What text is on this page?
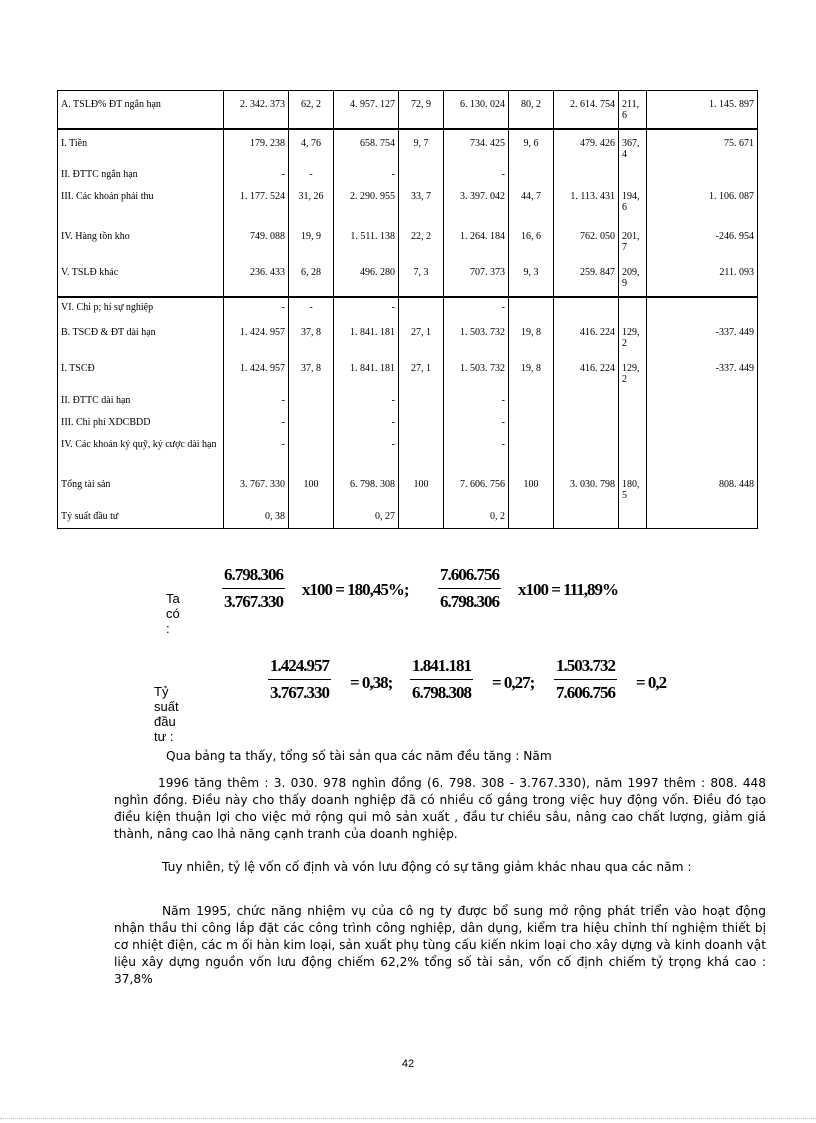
A. TSLĐ% ĐT ngắn hạn	2. 342. 373	62, 2	4. 957. 127	72, 9	6. 130. 024	80, 2	2. 614. 754	211, 6	1. 145. 897
I. Tiền	179. 238	4, 76	658. 754	9, 7	734. 425	9, 6	479. 426	367, 4	75. 671
II. ĐTTC ngắn hạn	-	-	-		-				
III. Các khoản phải thu	1. 177. 524	31, 26	2. 290. 955	33, 7	3. 397. 042	44, 7	1. 113. 431	194, 6	1. 106. 087
IV. Hàng tồn kho	749. 088	19, 9	1. 511. 138	22, 2	1. 264. 184	16, 6	762. 050	201, 7	-246. 954
V. TSLĐ khác	236. 433	6, 28	496. 280	7, 3	707. 373	9, 3	259. 847	209, 9	211. 093
VI. Chi p; hí sự nghiệp	-	-	-		-				
B. TSCĐ & ĐT dài hạn	1. 424. 957	37, 8	1. 841. 181	27, 1	1. 503. 732	19, 8	416. 224	129, 2	-337. 449
I. TSCĐ	1. 424. 957	37, 8	1. 841. 181	27, 1	1. 503. 732	19, 8	416. 224	129, 2	-337. 449
II. ĐTTC dài hạn	-		-		-				
III. Chi phí XDCBDD	-		-		-				
IV. Các khoản ký quỹ, ký cược dài hạn	-		-		-				
Tổng tài sản	3. 767. 330	100	6. 798. 308	100	7. 606. 756	100	3. 030. 798	180, 5	808. 448
Tỷ suất đầu tư	0, 38		0, 27		0, 2				
Ta có :
$\frac{6.798.306}{3.767.330} x100 = 180,45\%$; $\frac{7.606.756}{6.798.306} x100 = 111,89\%$
Tỷ suất đầu tư :
$\frac{1.424.957}{3.767.330} = 0,38$; $\frac{1.841.181}{6.798.308} = 0,27$; $\frac{1.503.732}{7.606.756} = 0,2$

Qua bảng ta thấy, tổng số tài sản qua các năm đều tăng : Năm

1996 tăng thêm : 3. 030. 978 nghìn đồng (6. 798. 308 - 3.767.330), năm 1997 thêm : 808. 448 nghìn đồng. Điều này cho thấy doanh nghiệp đã có nhiều cố gắng trong việc huy động vốn. Điều đó tạo điều kiện thuận lợi cho việc mở rộng qui mô sản xuất , đầu tư chiều sâu, nâng cao chất lượng, giảm giá thành, nâng cao lhả năng cạnh tranh của doanh nghiệp.

Tuy nhiên, tỷ lệ vốn cố định và vón lưu động có sự tăng giảm khác nhau qua các năm :

Năm 1995, chức năng nhiệm vụ của cô ng ty được bổ sung mở rộng phát triển vào hoạt động nhận thầu thi công lắp đặt các công trình công nghiệp, dân dụng, kiểm tra hiệu chỉnh thí nghiệm thiết bị cơ nhiệt điện, các m ối hàn kim loại, sản xuất phụ tùng cấu kiến nkim loại cho xây dựng và kinh doanh vật liệu xây dựng nguồn vốn lưu động chiếm 62,2% tổng số tài sản, vốn cố định chiếm tỷ trọng khá cao : 37,8%

42
